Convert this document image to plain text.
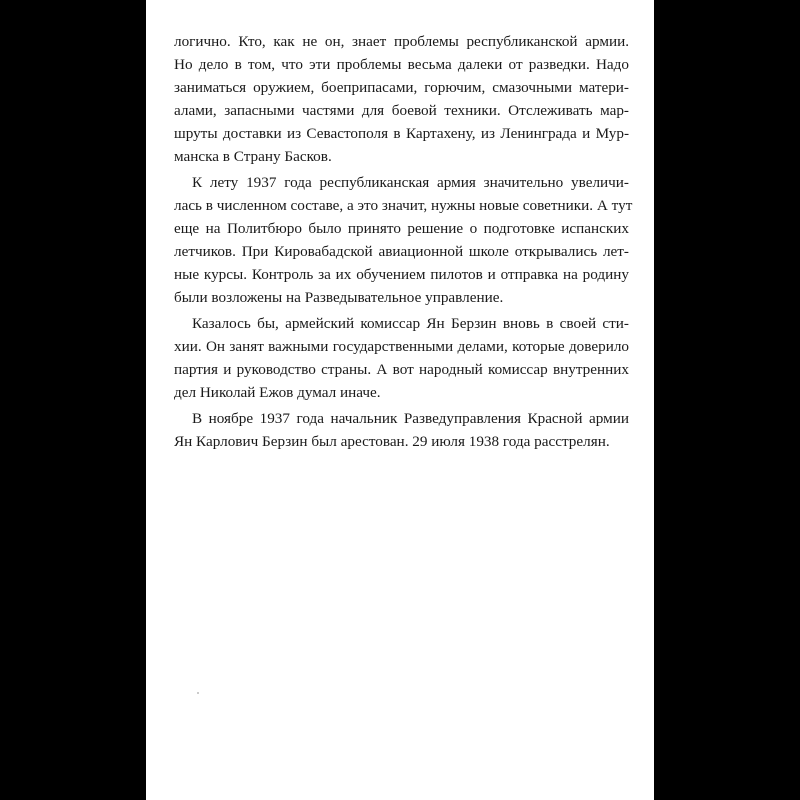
логично. Кто, как не он, знает проблемы республиканской армии.
Но дело в том, что эти проблемы весьма далеки от разведки. Надо
заниматься оружием, боеприпасами, горючим, смазочными матери-
алами, запасными частями для боевой техники. Отслеживать мар-
шруты доставки из Севастополя в Картахену, из Ленинграда и Мур-
манска в Страну Басков.
К лету 1937 года республиканская армия значительно увеличи-
лась в численном составе, а это значит, нужны новые советники. А тут
еще на Политбюро было принято решение о подготовке испанских
летчиков. При Кировабадской авиационной школе открывались лет-
ные курсы. Контроль за их обучением пилотов и отправка на родину
были возложены на Разведывательное управление.
Казалось бы, армейский комиссар Ян Берзин вновь в своей сти-
хии. Он занят важными государственными делами, которые доверило
партия и руководство страны. А вот народный комиссар внутренних
дел Николай Ежов думал иначе.
В ноябре 1937 года начальник Разведуправления Красной армии
Ян Карлович Берзин был арестован. 29 июля 1938 года расстрелян.
